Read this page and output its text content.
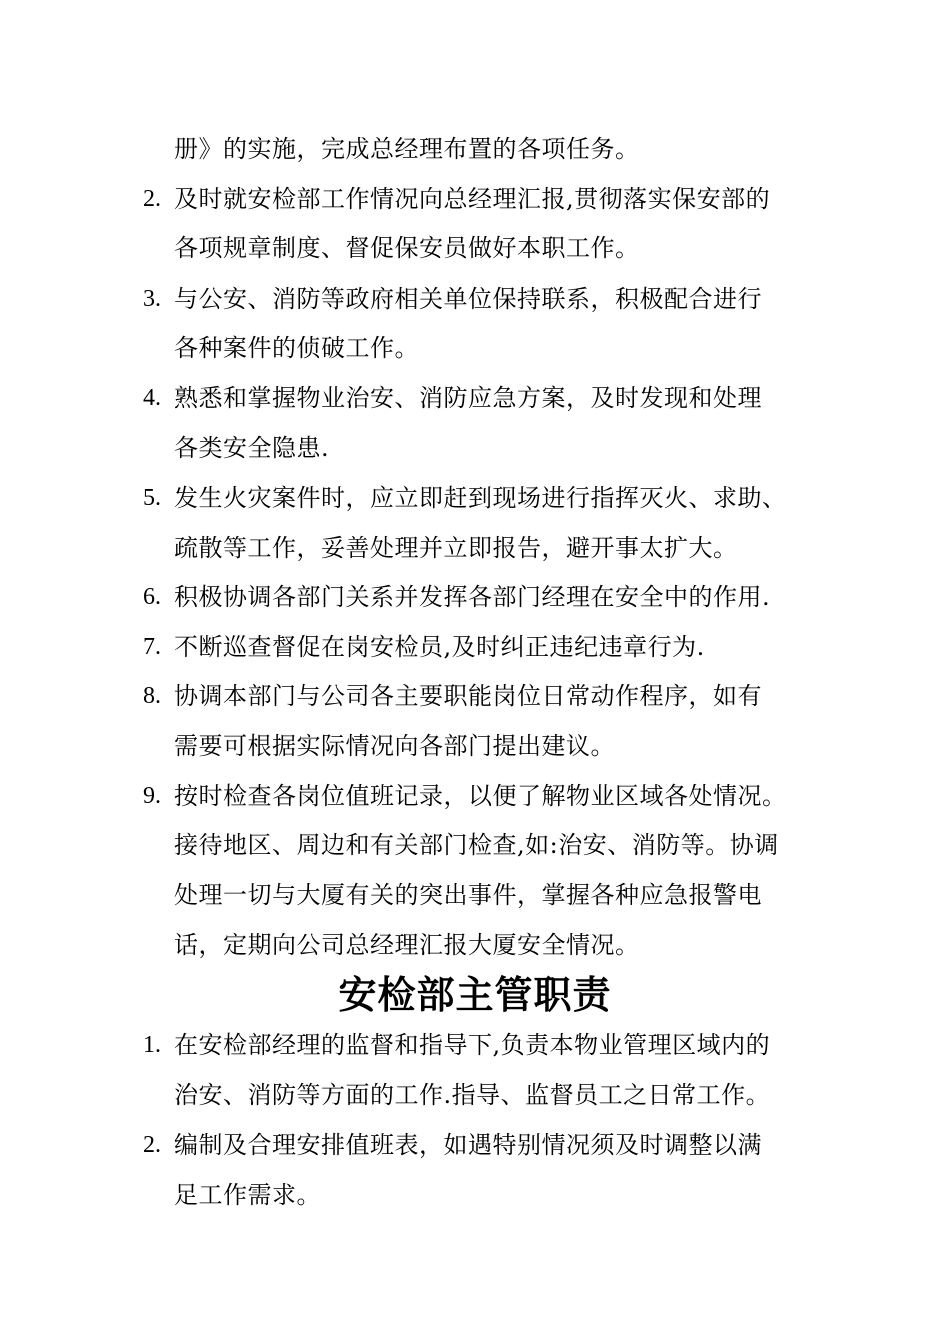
册》的实施，完成总经理布置的各项任务。
2. 及时就安检部工作情况向总经理汇报,贯彻落实保安部的
各项规章制度、督促保安员做好本职工作。
3. 与公安、消防等政府相关单位保持联系，积极配合进行
各种案件的侦破工作。
4. 熟悉和掌握物业治安、消防应急方案，及时发现和处理
各类安全隐患.
5. 发生火灾案件时，应立即赶到现场进行指挥灭火、求助、
疏散等工作，妥善处理并立即报告，避开事太扩大。
6. 积极协调各部门关系并发挥各部门经理在安全中的作用.
7. 不断巡查督促在岗安检员,及时纠正违纪违章行为.
8. 协调本部门与公司各主要职能岗位日常动作程序，如有
需要可根据实际情况向各部门提出建议。
9. 按时检查各岗位值班记录，以便了解物业区域各处情况。
接待地区、周边和有关部门检查,如:治安、消防等。协调
处理一切与大厦有关的突出事件，掌握各种应急报警电
话，定期向公司总经理汇报大厦安全情况。
安检部主管职责
1. 在安检部经理的监督和指导下,负责本物业管理区域内的
治安、消防等方面的工作.指导、监督员工之日常工作。
2. 编制及合理安排值班表，如遇特别情况须及时调整以满
足工作需求。
